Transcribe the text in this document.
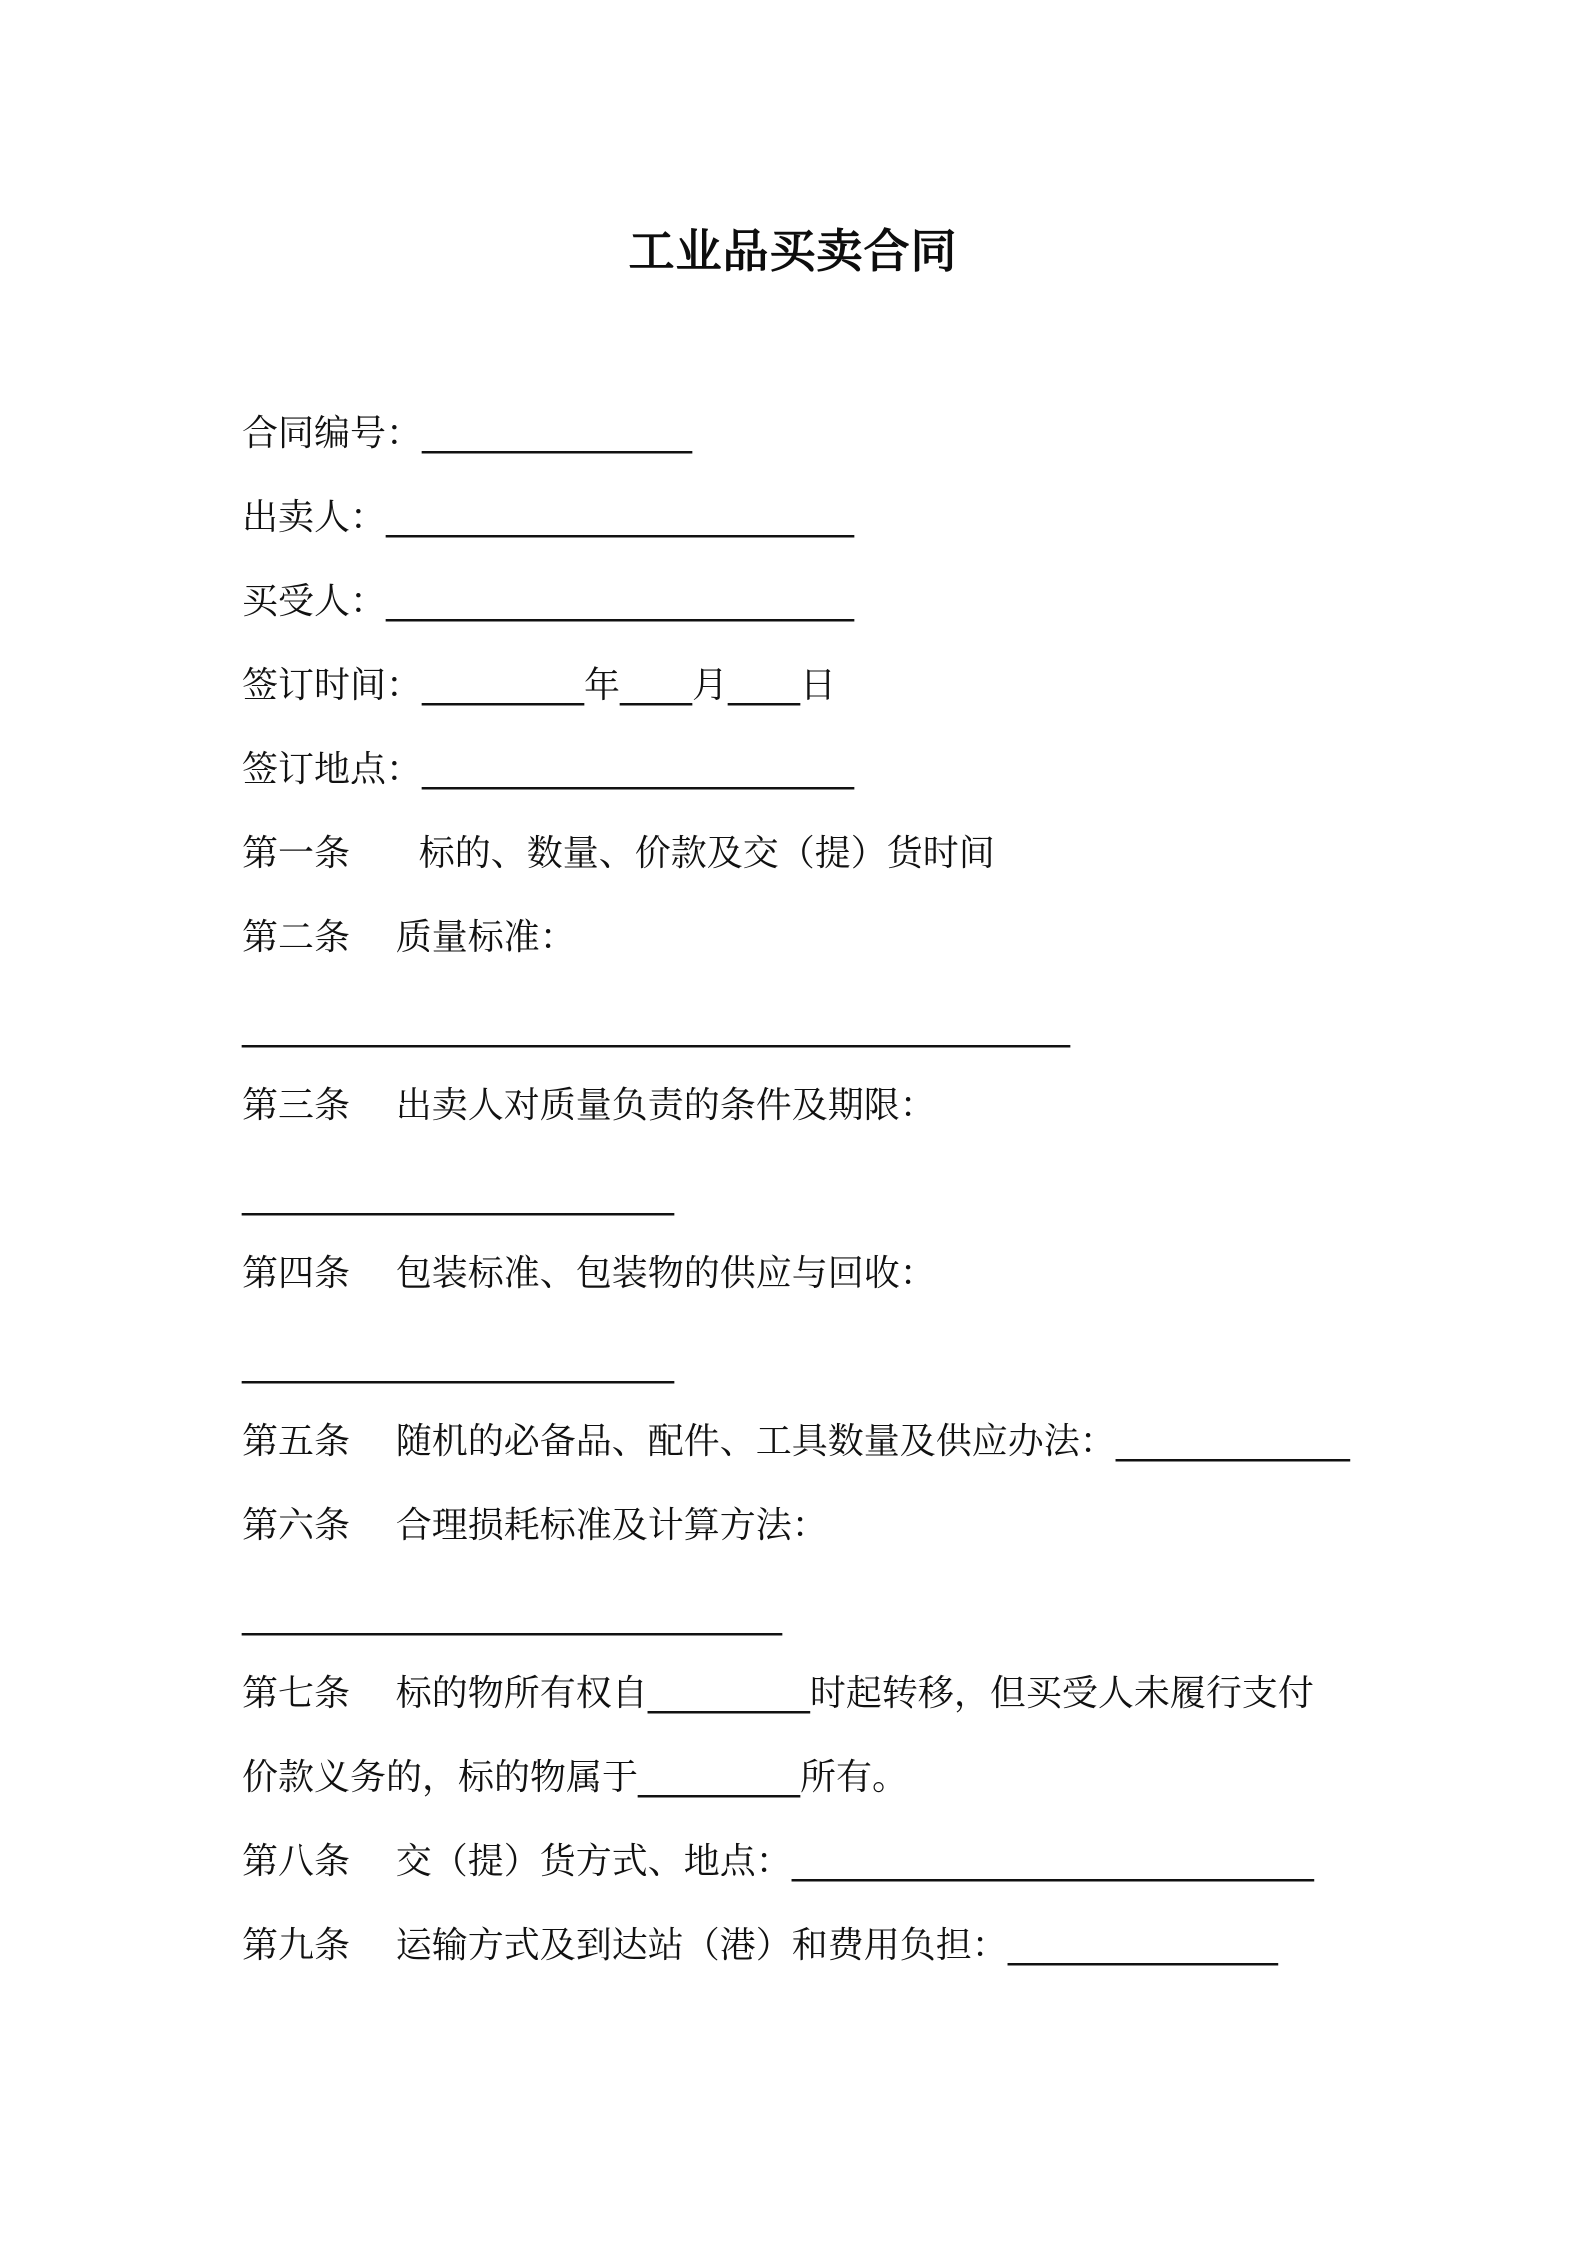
工业品买卖合同
合同编号：_______________
出卖人：__________________________
买受人：__________________________
签订时间：_________年____月____日
签订地点：________________________
第一条 标的、数量、价款及交（提）货时间
第二条 质量标准：
______________________________________________
第三条 出卖人对质量负责的条件及期限：
________________________
第四条 包装标准、包装物的供应与回收：
________________________
第五条 随机的必备品、配件、工具数量及供应办法：_____________
第六条 合理损耗标准及计算方法：
______________________________
第七条 标的物所有权自_________时起转移，但买受人未履行支付
价款义务的，标的物属于_________所有。
第八条 交（提）货方式、地点：_____________________________
第九条 运输方式及到达站（港）和费用负担：_______________
